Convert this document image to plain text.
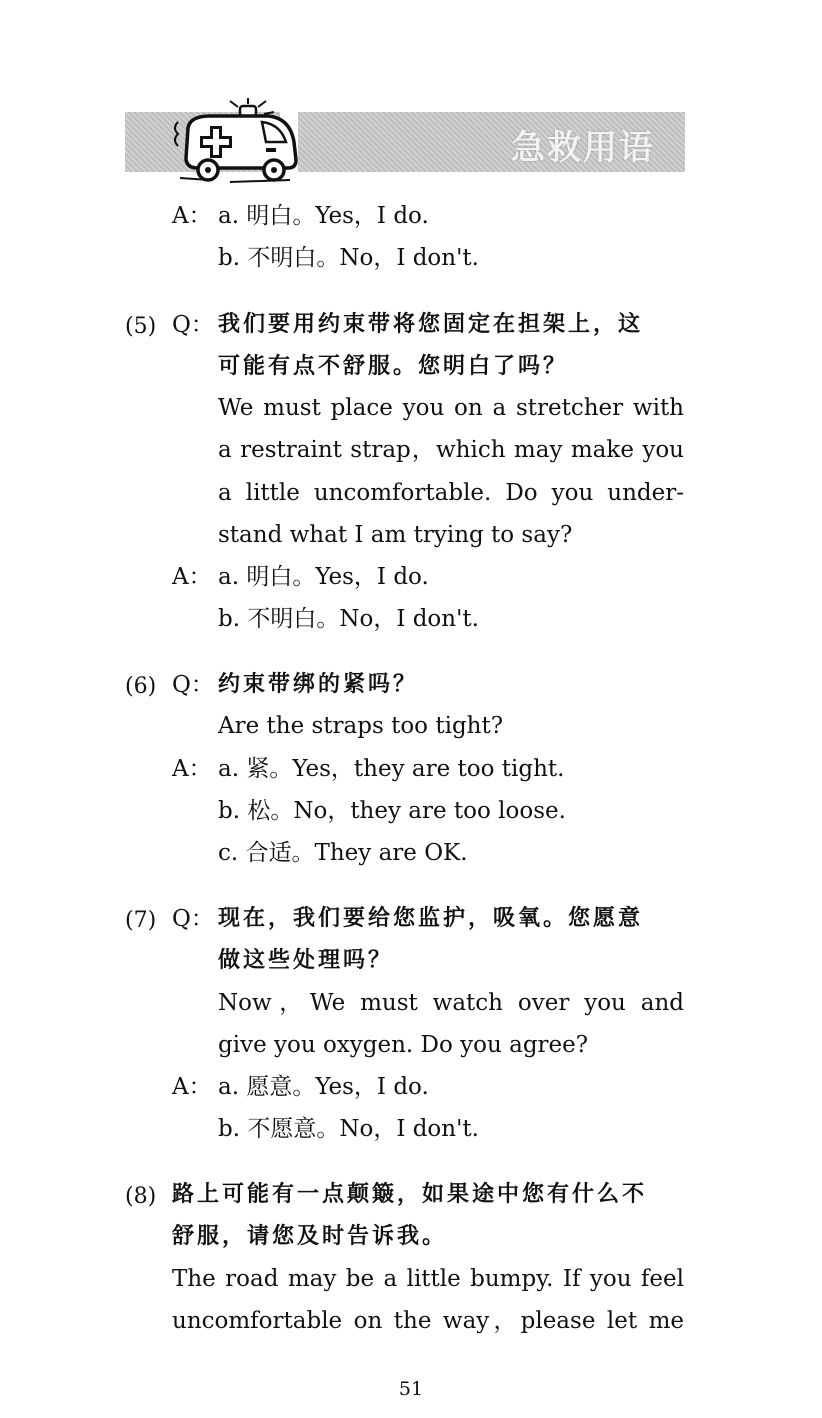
急救用语
A： a. 明白。Yes，I do.
b. 不明白。No，I don't.
(5) Q： 我们要用约束带将您固定在担架上，这
可能有点不舒服。您明白了吗？
We must place you on a stretcher with
a restraint strap，which may make you
a little uncomfortable. Do you under-
stand what I am trying to say?
A： a. 明白。Yes，I do.
b. 不明白。No，I don't.
(6) Q： 约束带绑的紧吗？
Are the straps too tight?
A： a. 紧。Yes，they are too tight.
b. 松。No，they are too loose.
c. 合适。They are OK.
(7) Q： 现在，我们要给您监护，吸氧。您愿意
做这些处理吗？
Now，We must watch over you and
give you oxygen. Do you agree?
A： a. 愿意。Yes，I do.
b. 不愿意。No，I don't.
(8) 路上可能有一点颠簸，如果途中您有什么不
舒服，请您及时告诉我。
The road may be a little bumpy. If you feel
uncomfortable on the way，please let me
51
